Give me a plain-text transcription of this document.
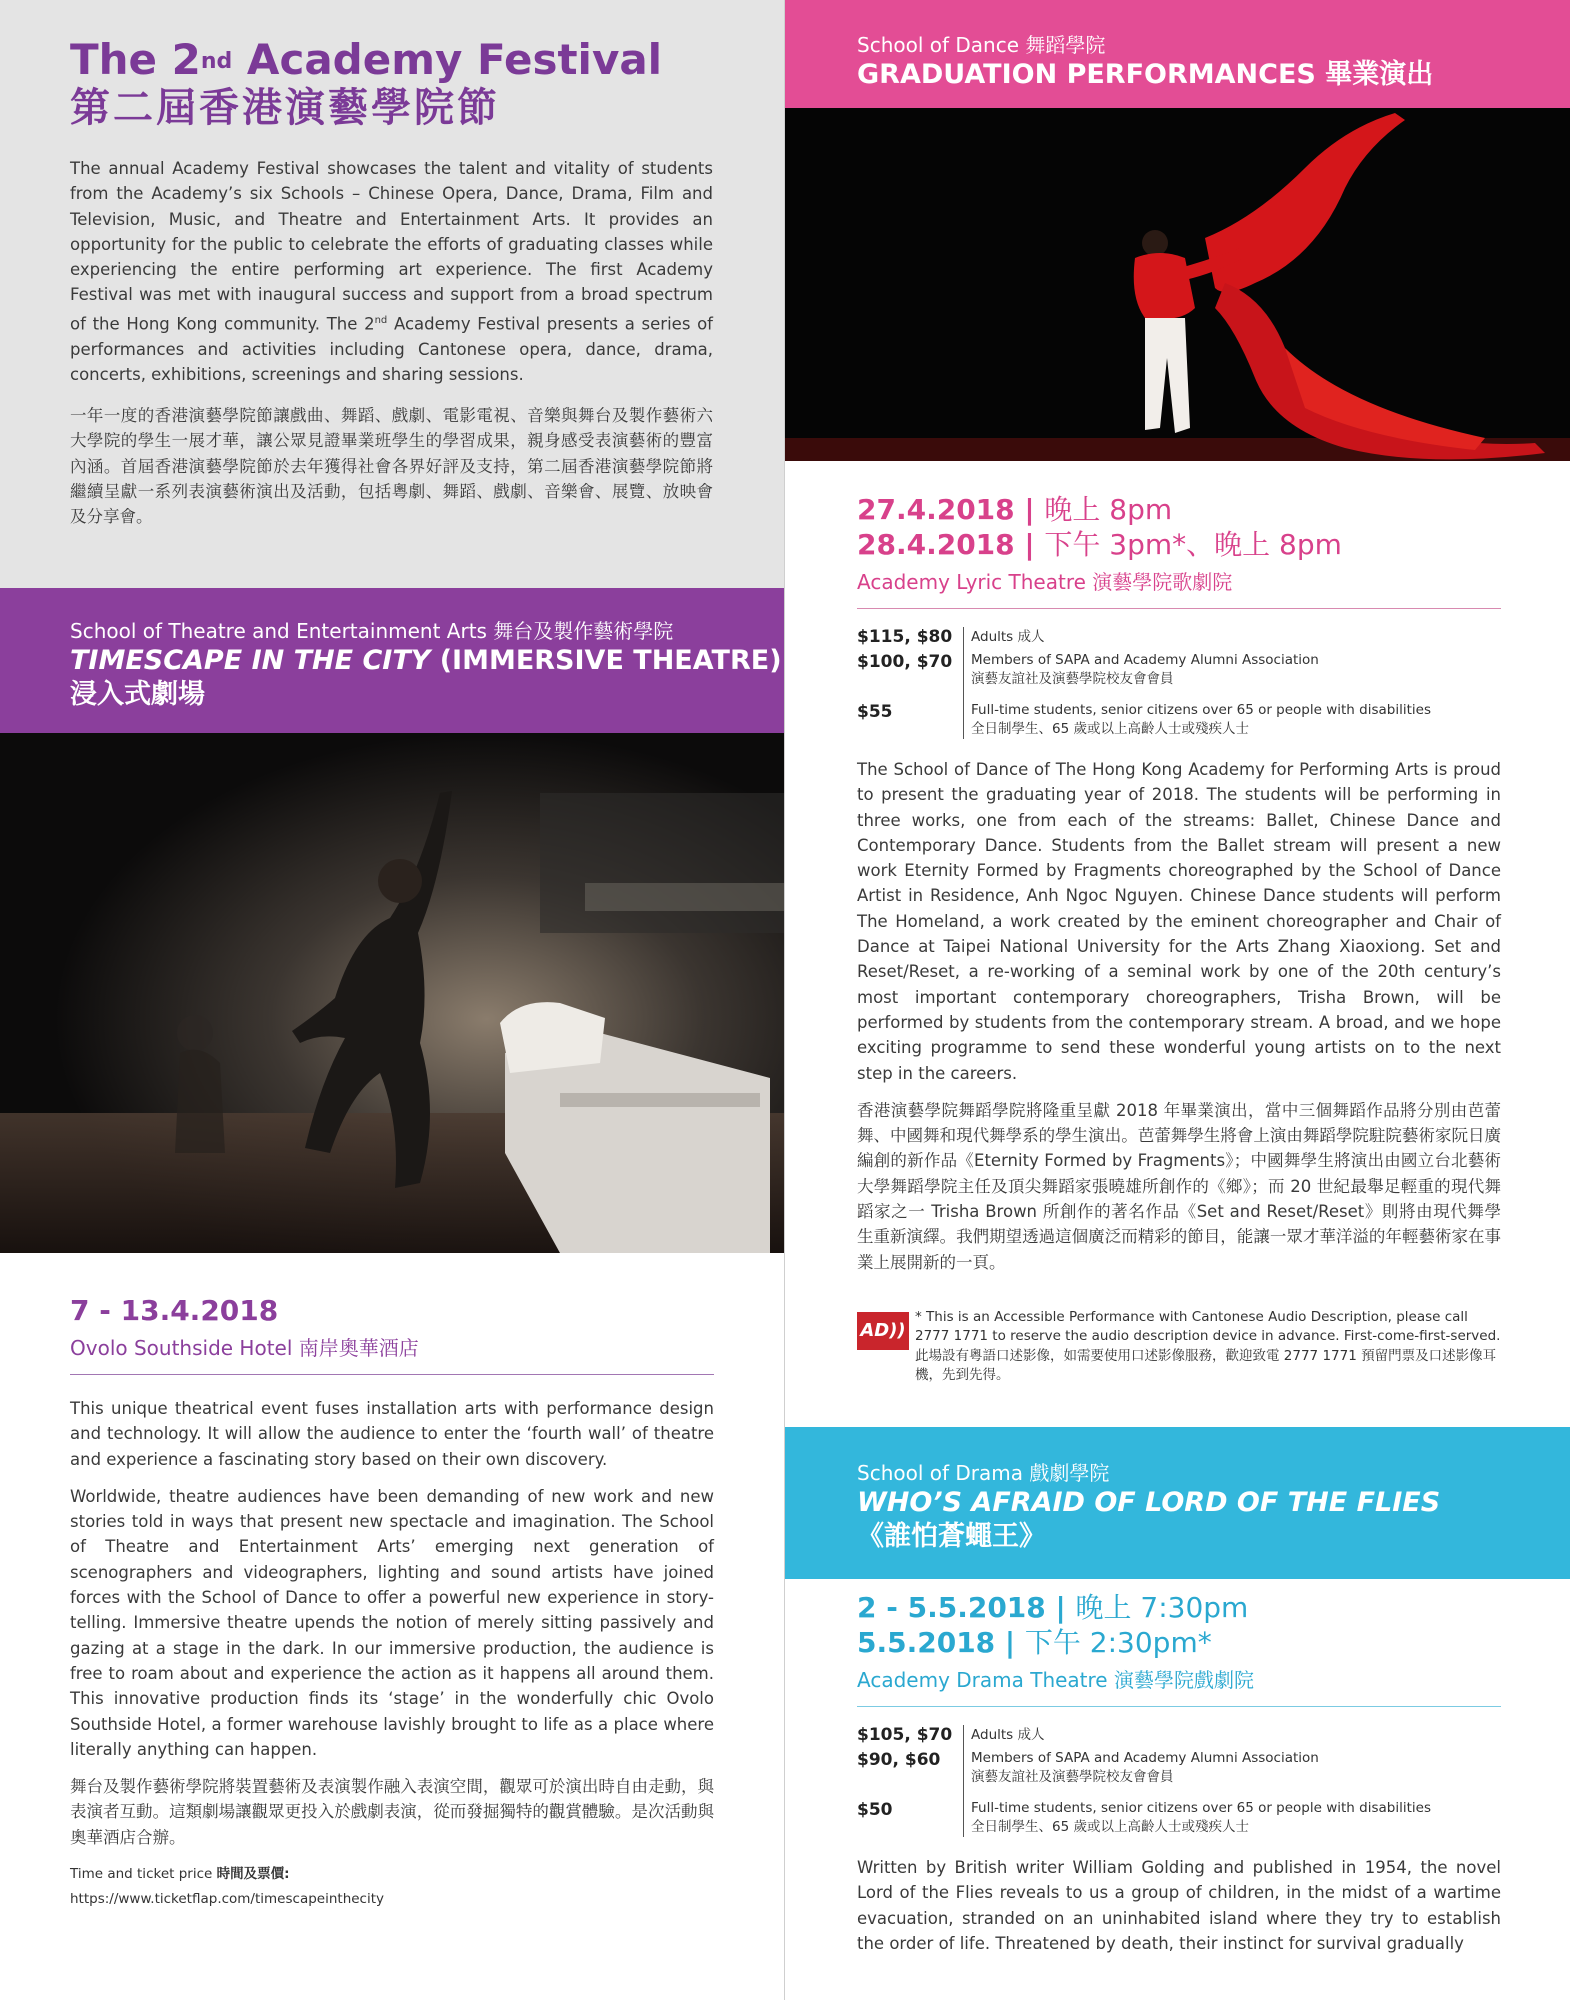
The 2nd Academy Festival
第二屆香港演藝學院節
The annual Academy Festival showcases the talent and vitality of students from the Academy’s six Schools – Chinese Opera, Dance, Drama, Film and Television, Music, and Theatre and Entertainment Arts. It provides an opportunity for the public to celebrate the efforts of graduating classes while experiencing the entire performing art experience. The first Academy Festival was met with inaugural success and support from a broad spectrum of the Hong Kong community. The 2nd Academy Festival presents a series of performances and activities including Cantonese opera, dance, drama, concerts, exhibitions, screenings and sharing sessions.
一年一度的香港演藝學院節讓戲曲、舞蹈、戲劇、電影電視、音樂與舞台及製作藝術六大學院的學生一展才華，讓公眾見證畢業班學生的學習成果，親身感受表演藝術的豐富內涵。首屆香港演藝學院節於去年獲得社會各界好評及支持，第二屆香港演藝學院節將繼續呈獻一系列表演藝術演出及活動，包括粵劇、舞蹈、戲劇、音樂會、展覽、放映會及分享會。
School of Theatre and Entertainment Arts 舞台及製作藝術學院
TIMESCAPE IN THE CITY (IMMERSIVE THEATRE)
浸入式劇場
7 - 13.4.2018
Ovolo Southside Hotel 南岸奧華酒店

This unique theatrical event fuses installation arts with performance design and technology. It will allow the audience to enter the ‘fourth wall’ of theatre and experience a fascinating story based on their own discovery.

Worldwide, theatre audiences have been demanding of new work and new stories told in ways that present new spectacle and imagination. The School of Theatre and Entertainment Arts’ emerging next generation of scenographers and videographers, lighting and sound artists have joined forces with the School of Dance to offer a powerful new experience in story-telling. Immersive theatre upends the notion of merely sitting passively and gazing at a stage in the dark. In our immersive production, the audience is free to roam about and experience the action as it happens all around them. This innovative production finds its ‘stage’ in the wonderfully chic Ovolo Southside Hotel, a former warehouse lavishly brought to life as a place where literally anything can happen.

舞台及製作藝術學院將裝置藝術及表演製作融入表演空間，觀眾可於演出時自由走動，與表演者互動。這類劇場讓觀眾更投入於戲劇表演，從而發掘獨特的觀賞體驗。是次活動與奧華酒店合辦。

Time and ticket price 時間及票價:
https://www.ticketflap.com/timescapeinthecity
School of Dance 舞蹈學院
GRADUATION PERFORMANCES 畢業演出
27.4.2018 | 晚上 8pm
28.4.2018 | 下午 3pm*、晚上 8pm
Academy Lyric Theatre 演藝學院歌劇院
$115, $80
$100, $70
$55
Adults 成人
Members of SAPA and Academy Alumni Association
演藝友誼社及演藝學院校友會會員
Full-time students, senior citizens over 65 or people with disabilities
全日制學生、65 歲或以上高齡人士或殘疾人士

The School of Dance of The Hong Kong Academy for Performing Arts is proud to present the graduating year of 2018. The students will be performing in three works, one from each of the streams: Ballet, Chinese Dance and Contemporary Dance. Students from the Ballet stream will present a new work Eternity Formed by Fragments choreographed by the School of Dance Artist in Residence, Anh Ngoc Nguyen. Chinese Dance students will perform The Homeland, a work created by the eminent choreographer and Chair of Dance at Taipei National University for the Arts Zhang Xiaoxiong. Set and Reset/Reset, a re-working of a seminal work by one of the 20th century’s most important contemporary choreographers, Trisha Brown, will be performed by students from the contemporary stream. A broad, and we hope exciting programme to send these wonderful young artists on to the next step in the careers.

香港演藝學院舞蹈學院將隆重呈獻 2018 年畢業演出，當中三個舞蹈作品將分別由芭蕾舞、中國舞和現代舞學系的學生演出。芭蕾舞學生將會上演由舞蹈學院駐院藝術家阮日廣編創的新作品《Eternity Formed by Fragments》；中國舞學生將演出由國立台北藝術大學舞蹈學院主任及頂尖舞蹈家張曉雄所創作的《鄉》；而 20 世紀最舉足輕重的現代舞蹈家之一 Trisha Brown 所創作的著名作品《Set and Reset/Reset》則將由現代舞學生重新演繹。我們期望透過這個廣泛而精彩的節目，能讓一眾才華洋溢的年輕藝術家在事業上展開新的一頁。

AD))
* This is an Accessible Performance with Cantonese Audio Description, please call 2777 1771 to reserve the audio description device in advance. First-come-first-served.
此場設有粵語口述影像，如需要使用口述影像服務，歡迎致電 2777 1771 預留門票及口述影像耳機，先到先得。
School of Drama 戲劇學院
WHO’S AFRAID OF LORD OF THE FLIES
《誰怕蒼蠅王》
2 - 5.5.2018 | 晚上 7:30pm
5.5.2018 | 下午 2:30pm*
Academy Drama Theatre 演藝學院戲劇院
$105, $70
$90, $60
$50
Adults 成人
Members of SAPA and Academy Alumni Association
演藝友誼社及演藝學院校友會會員
Full-time students, senior citizens over 65 or people with disabilities
全日制學生、65 歲或以上高齡人士或殘疾人士

Written by British writer William Golding and published in 1954, the novel Lord of the Flies reveals to us a group of children, in the midst of a wartime evacuation, stranded on an uninhabited island where they try to establish the order of life. Threatened by death, their instinct for survival gradually
